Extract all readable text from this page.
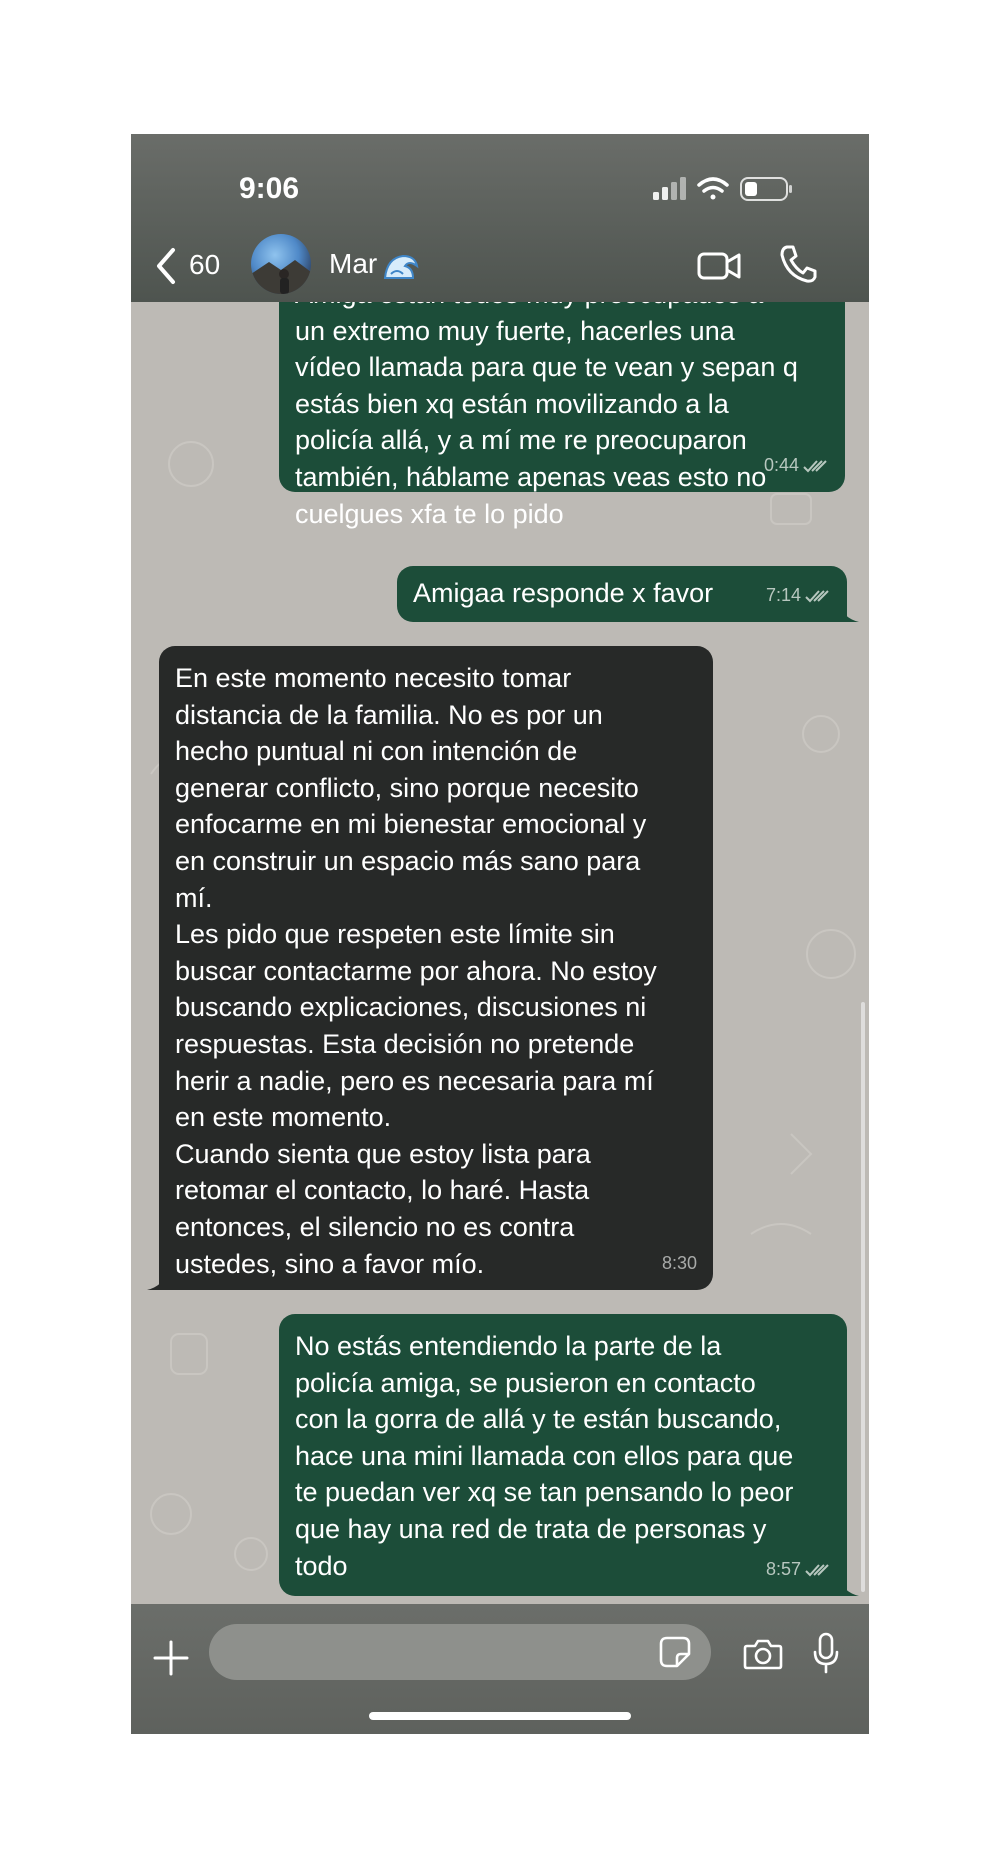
9:06
60	Mar

un extremo muy fuerte, hacerles una
vídeo llamada para que te vean y sepan q
estás bien xq están movilizando a la
policía allá, y a mí me re preocuparon
también, háblame apenas veas esto no
cuelgues xfa te lo pido
0:44
Amigaa responde x favor	7:14
En este momento necesito tomar
distancia de la familia. No es por un
hecho puntual ni con intención de
generar conflicto, sino porque necesito
enfocarme en mi bienestar emocional y
en construir un espacio más sano para
mí.
Les pido que respeten este límite sin
buscar contactarme por ahora. No estoy
buscando explicaciones, discusiones ni
respuestas. Esta decisión no pretende
herir a nadie, pero es necesaria para mí
en este momento.
Cuando sienta que estoy lista para
retomar el contacto, lo haré. Hasta
entonces, el silencio no es contra
ustedes, sino a favor mío.	8:30
No estás entendiendo la parte de la
policía amiga, se pusieron en contacto
con la gorra de allá y te están buscando,
hace una mini llamada con ellos para que
te puedan ver xq se tan pensando lo peor
que hay una red de trata de personas y
todo	8:57
